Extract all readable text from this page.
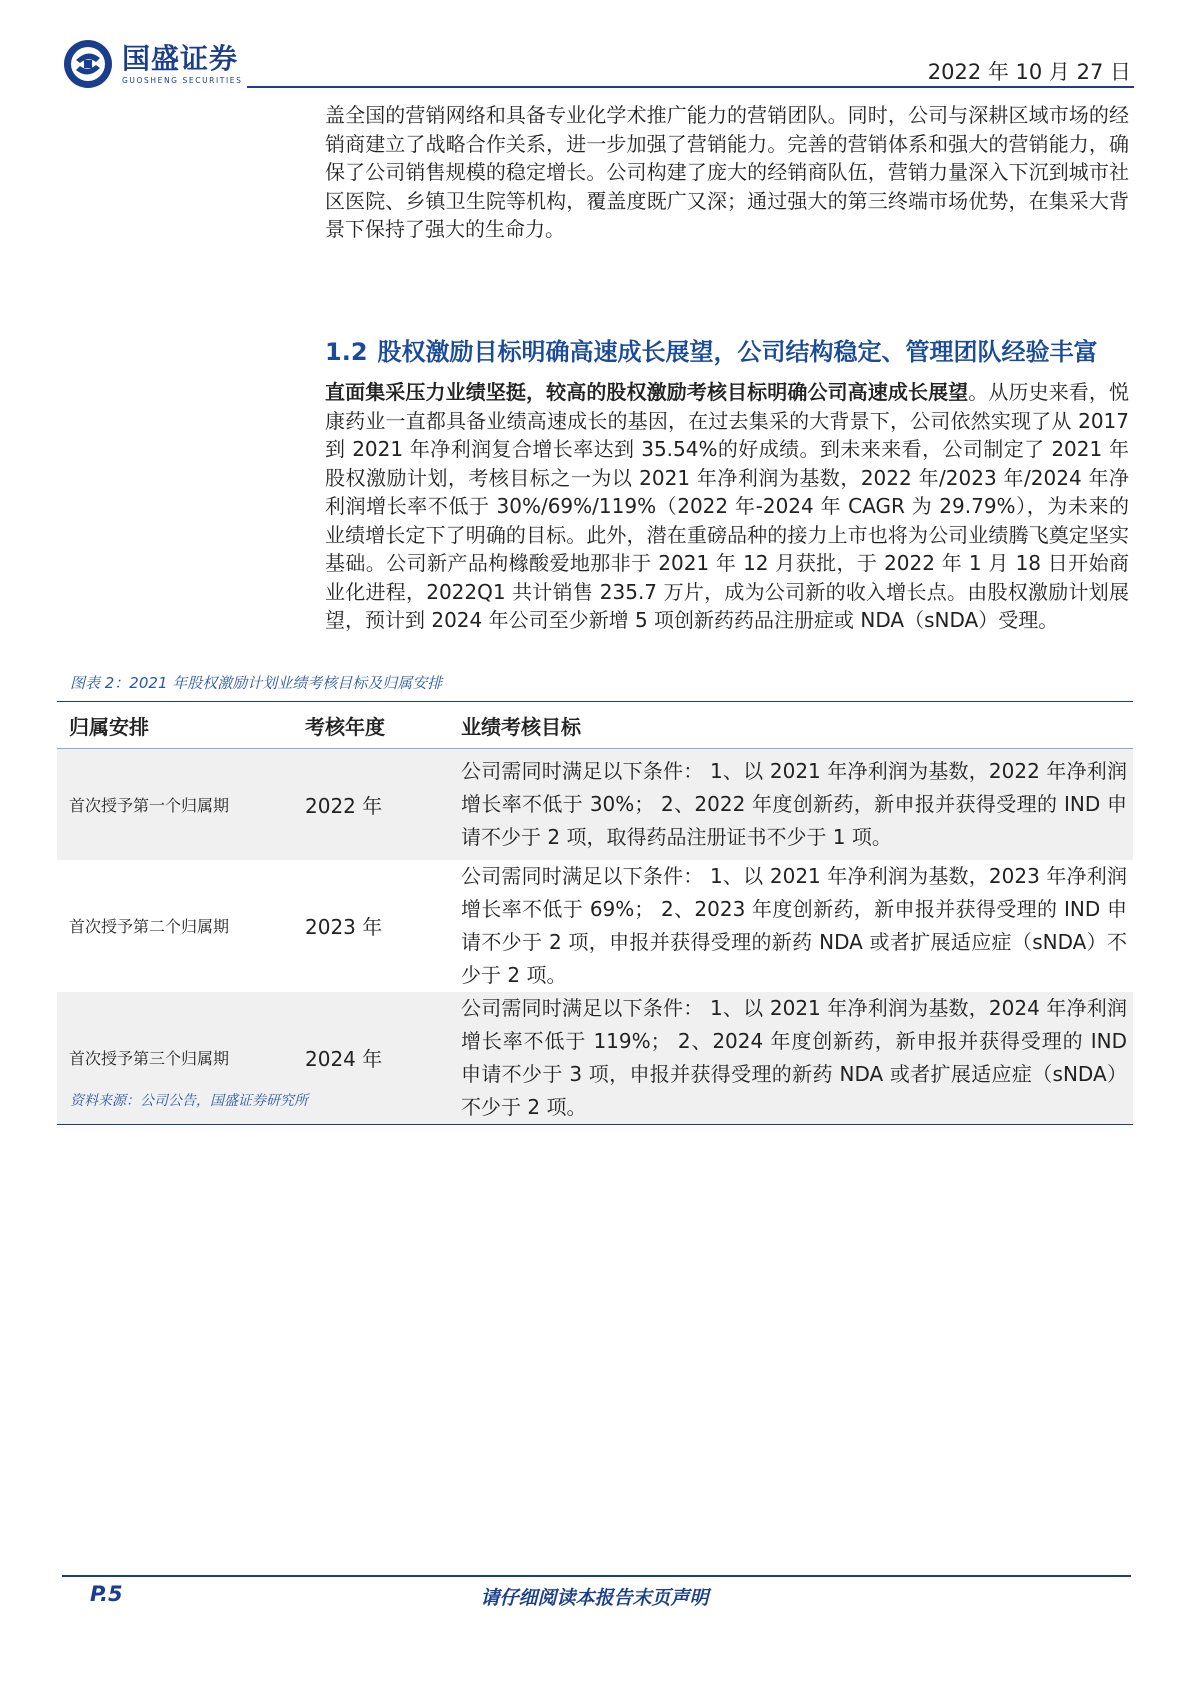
国盛证券
GUOSHENG SECURITIES	2022 年 10 月 27 日
盖全国的营销网络和具备专业化学术推广能力的营销团队。同时，公司与深耕区域市场的经销商建立了战略合作关系，进一步加强了营销能力。完善的营销体系和强大的营销能力，确保了公司销售规模的稳定增长。公司构建了庞大的经销商队伍，营销力量深入下沉到城市社区医院、乡镇卫生院等机构，覆盖度既广又深；通过强大的第三终端市场优势，在集采大背景下保持了强大的生命力。
1.2 股权激励目标明确高速成长展望，公司结构稳定、管理团队经验丰富
直面集采压力业绩坚挺，较高的股权激励考核目标明确公司高速成长展望。从历史来看，悦康药业一直都具备业绩高速成长的基因，在过去集采的大背景下，公司依然实现了从 2017 到 2021 年净利润复合增长率达到 35.54%的好成绩。到未来来看，公司制定了 2021 年股权激励计划，考核目标之一为以 2021 年净利润为基数，2022 年/2023 年/2024 年净利润增长率不低于 30%/69%/119%（2022 年-2024 年 CAGR 为 29.79%），为未来的业绩增长定下了明确的目标。此外，潜在重磅品种的接力上市也将为公司业绩腾飞奠定坚实基础。公司新产品枸橼酸爱地那非于 2021 年 12 月获批，于 2022 年 1 月 18 日开始商业化进程，2022Q1 共计销售 235.7 万片，成为公司新的收入增长点。由股权激励计划展望，预计到 2024 年公司至少新增 5 项创新药药品注册症或 NDA（sNDA）受理。
图表 2：2021 年股权激励计划业绩考核目标及归属安排
归属安排	考核年度	业绩考核目标
首次授予第一个归属期	2022 年	公司需同时满足以下条件： 1、以 2021 年净利润为基数，2022 年净利润增长率不低于 30%； 2、2022 年度创新药，新申报并获得受理的 IND 申请不少于 2 项，取得药品注册证书不少于 1 项。
首次授予第二个归属期	2023 年	公司需同时满足以下条件： 1、以 2021 年净利润为基数，2023 年净利润增长率不低于 69%； 2、2023 年度创新药，新申报并获得受理的 IND 申请不少于 2 项，申报并获得受理的新药 NDA 或者扩展适应症（sNDA）不少于 2 项。
首次授予第三个归属期	2024 年	公司需同时满足以下条件： 1、以 2021 年净利润为基数，2024 年净利润增长率不低于 119%； 2、2024 年度创新药，新申报并获得受理的 IND 申请不少于 3 项，申报并获得受理的新药 NDA 或者扩展适应症（sNDA）不少于 2 项。
资料来源：公司公告，国盛证券研究所
P.5	请仔细阅读本报告末页声明
